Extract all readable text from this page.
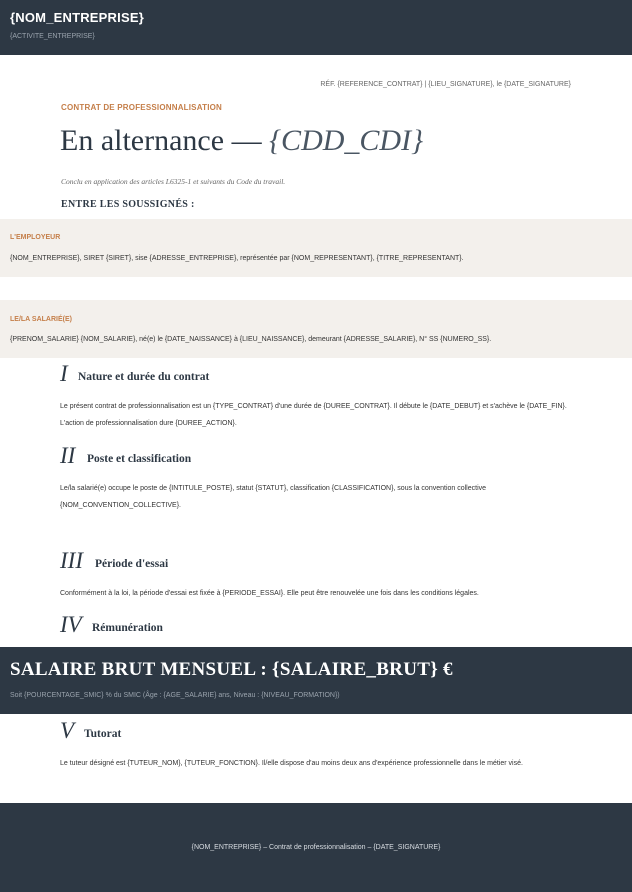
{NOM_ENTREPRISE}
{ACTIVITE_ENTREPRISE}
RÉF. {REFERENCE_CONTRAT} | {LIEU_SIGNATURE}, le {DATE_SIGNATURE}
CONTRAT DE PROFESSIONNALISATION
En alternance — {CDD_CDI}
Conclu en application des articles L6325-1 et suivants du Code du travail.
ENTRE LES SOUSSIGNÉS :
L'EMPLOYEUR
{NOM_ENTREPRISE}, SIRET {SIRET}, sise {ADRESSE_ENTREPRISE}, représentée par {NOM_REPRESENTANT}, {TITRE_REPRESENTANT}.
LE/LA SALARIÉ(E)
{PRENOM_SALARIE} {NOM_SALARIE}, né(e) le {DATE_NAISSANCE} à {LIEU_NAISSANCE}, demeurant {ADRESSE_SALARIE}, N° SS {NUMERO_SS}.
I Nature et durée du contrat
Le présent contrat de professionnalisation est un {TYPE_CONTRAT} d'une durée de {DUREE_CONTRAT}. Il débute le {DATE_DEBUT} et s'achève le {DATE_FIN}. L'action de professionnalisation dure {DUREE_ACTION}.
II Poste et classification
Le/la salarié(e) occupe le poste de {INTITULE_POSTE}, statut {STATUT}, classification {CLASSIFICATION}, sous la convention collective {NOM_CONVENTION_COLLECTIVE}.
III Période d'essai
Conformément à la loi, la période d'essai est fixée à {PERIODE_ESSAI}. Elle peut être renouvelée une fois dans les conditions légales.
IV Rémunération
SALAIRE BRUT MENSUEL : {SALAIRE_BRUT} €
Soit {POURCENTAGE_SMIC} % du SMIC (Âge : {AGE_SALARIE} ans, Niveau : {NIVEAU_FORMATION})
V Tutorat
Le tuteur désigné est {TUTEUR_NOM}, {TUTEUR_FONCTION}. Il/elle dispose d'au moins deux ans d'expérience professionnelle dans le métier visé.
{NOM_ENTREPRISE} – Contrat de professionnalisation – {DATE_SIGNATURE}
